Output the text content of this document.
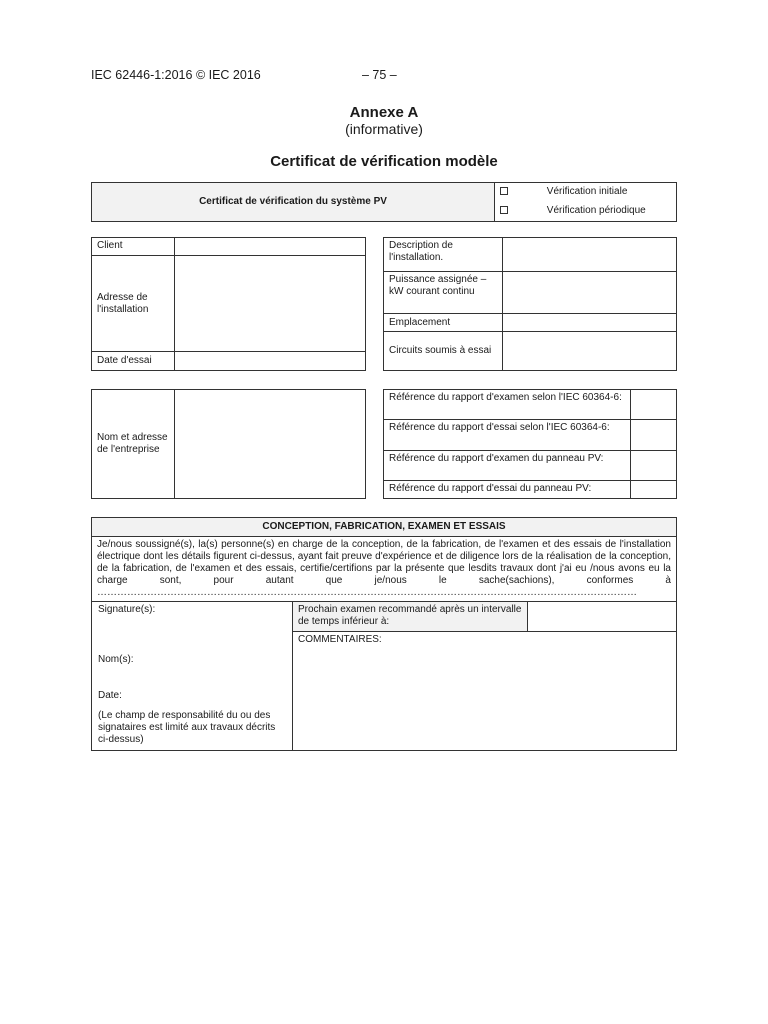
IEC 62446-1:2016 © IEC 2016	– 75 –
Annexe A
(informative)
Certificat de vérification modèle
Certificat de vérification du système PV	Vérification initiale
Vérification périodique
Client	
Adresse de l'installation	
Date d'essai	
Description de l'installation.	
Puissance assignée – kW courant continu	
Emplacement	
Circuits soumis à essai	
Nom et adresse de l'entreprise	
Référence du rapport d'examen selon l'IEC 60364-6:	
Référence du rapport d'essai selon l'IEC 60364-6:	
Référence du rapport d'examen du panneau PV:	
Référence du rapport d'essai du panneau PV:	
CONCEPTION, FABRICATION, EXAMEN ET ESSAIS
Je/nous soussigné(s), la(s) personne(s) en charge de la conception, de la fabrication, de l'examen et des essais de l'installation électrique dont les détails figurent ci-dessus, ayant fait preuve d'expérience et de diligence lors de la réalisation de la conception, de la fabrication, de l'examen et des essais, certifie/certifions par la présente que lesdits travaux dont j'ai eu /nous avons eu la charge sont, pour autant que je/nous le sache(sachions), conformes à ………………………………………………………………………………………………………………………………………………

Signature(s):
Nom(s):
Date:
(Le champ de responsabilité du ou des signataires est limité aux travaux décrits ci-dessus)
	Prochain examen recommandé après un intervalle de temps inférieur à:	
COMMENTAIRES:
